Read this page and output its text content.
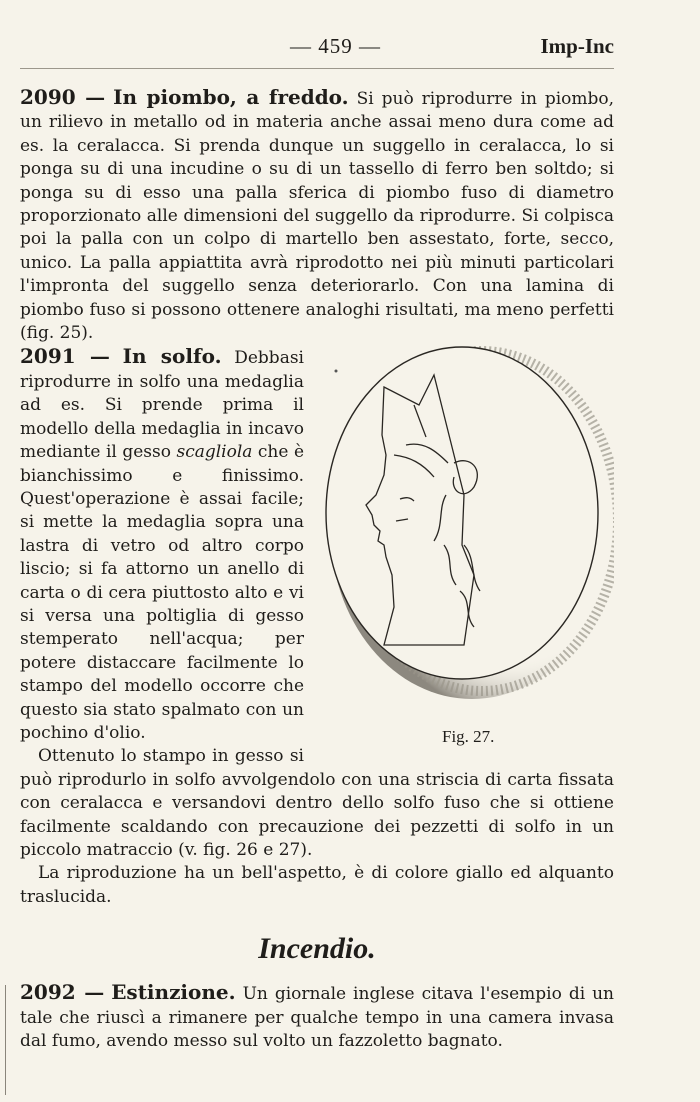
— 459 —	Imp-Inc

2090 — In piombo, a freddo. Si può riprodurre in piombo, un rilievo in metallo od in materia anche assai meno dura come ad es. la ceralacca. Si prenda dunque un suggello in ceralacca, lo si ponga su di una incudine o su di un tassello di ferro ben soltdo; si ponga su di esso una palla sferica di piombo fuso di diametro proporzionato alle dimensioni del suggello da riprodurre. Si colpisca poi la palla con un colpo di martello ben assestato, forte, secco, unico. La palla appiattita avrà riprodotto nei più minuti particolari l'impronta del suggello senza deteriorarlo. Con una lamina di piombo fuso si possono ottenere analoghi risultati, ma meno perfetti (fig. 25).

Fig. 27.

2091 — In solfo. Debbasi riprodurre in solfo una medaglia ad es. Si prende prima il modello della medaglia in incavo mediante il gesso scagliola che è bianchissimo e finissimo. Quest'operazione è assai facile; si mette la medaglia sopra una lastra di vetro od altro corpo liscio; si fa attorno un anello di carta o di cera piuttosto alto e vi si versa una poltiglia di gesso stemperato nell'acqua; per potere distaccare facilmente lo stampo del modello occorre che questo sia stato spalmato con un pochino d'olio.

Ottenuto lo stampo in gesso si può riprodurlo in solfo avvolgendolo con una striscia di carta fissata con ceralacca e versandovi dentro dello solfo fuso che si ottiene facilmente scaldando con precauzione dei pezzetti di solfo in un piccolo matraccio (v. fig. 26 e 27).

La riproduzione ha un bell'aspetto, è di colore giallo ed alquanto traslucida.

Incendio.

2092 — Estinzione. Un giornale inglese citava l'esempio di un tale che riuscì a rimanere per qualche tempo in una camera invasa dal fumo, avendo messo sul volto un fazzoletto bagnato.
